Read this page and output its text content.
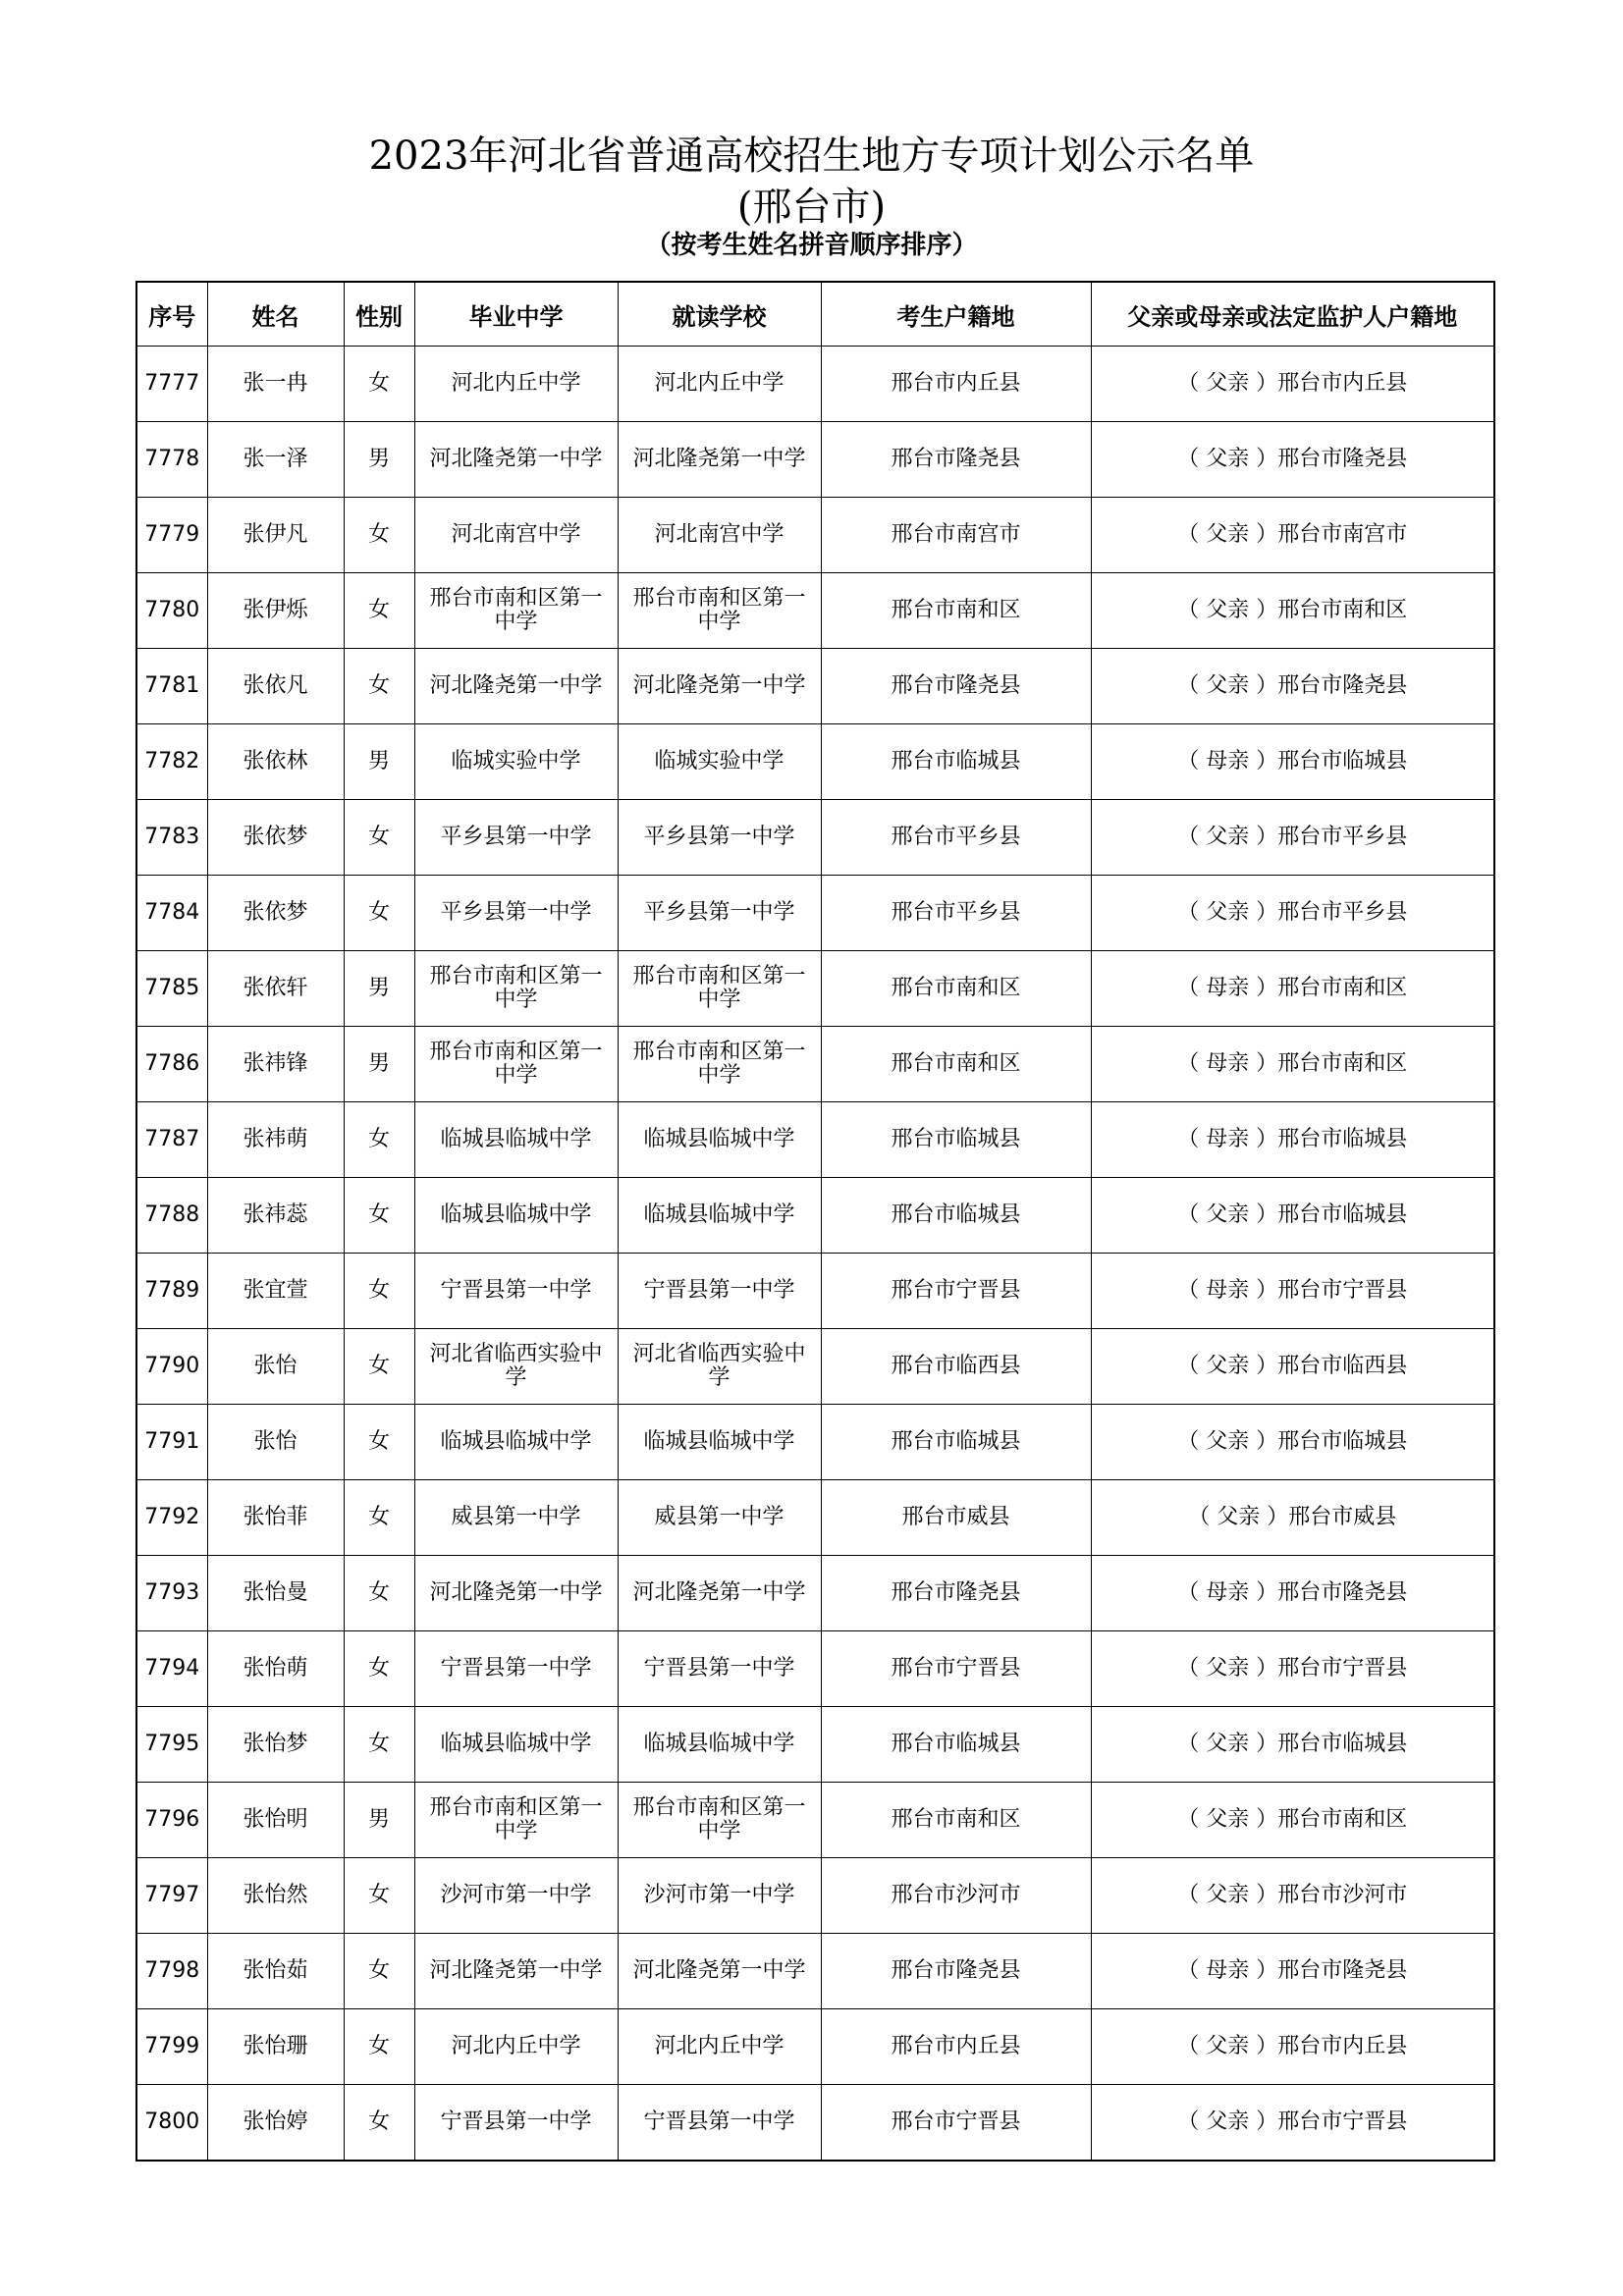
2023年河北省普通高校招生地方专项计划公示名单
(邢台市)
（按考生姓名拼音顺序排序）
序号	姓名	性别	毕业中学	就读学校	考生户籍地	父亲或母亲或法定监护人户籍地
7777	张一冉	女	河北内丘中学	河北内丘中学	邢台市内丘县	（ 父亲 ）邢台市内丘县
7778	张一泽	男	河北隆尧第一中学	河北隆尧第一中学	邢台市隆尧县	（ 父亲 ）邢台市隆尧县
7779	张伊凡	女	河北南宫中学	河北南宫中学	邢台市南宫市	（ 父亲 ）邢台市南宫市
7780	张伊烁	女	邢台市南和区第一中学	邢台市南和区第一中学	邢台市南和区	（ 父亲 ）邢台市南和区
7781	张依凡	女	河北隆尧第一中学	河北隆尧第一中学	邢台市隆尧县	（ 父亲 ）邢台市隆尧县
7782	张依林	男	临城实验中学	临城实验中学	邢台市临城县	（ 母亲 ）邢台市临城县
7783	张依梦	女	平乡县第一中学	平乡县第一中学	邢台市平乡县	（ 父亲 ）邢台市平乡县
7784	张依梦	女	平乡县第一中学	平乡县第一中学	邢台市平乡县	（ 父亲 ）邢台市平乡县
7785	张依轩	男	邢台市南和区第一中学	邢台市南和区第一中学	邢台市南和区	（ 母亲 ）邢台市南和区
7786	张祎锋	男	邢台市南和区第一中学	邢台市南和区第一中学	邢台市南和区	（ 母亲 ）邢台市南和区
7787	张祎萌	女	临城县临城中学	临城县临城中学	邢台市临城县	（ 母亲 ）邢台市临城县
7788	张祎蕊	女	临城县临城中学	临城县临城中学	邢台市临城县	（ 父亲 ）邢台市临城县
7789	张宜萱	女	宁晋县第一中学	宁晋县第一中学	邢台市宁晋县	（ 母亲 ）邢台市宁晋县
7790	张怡	女	河北省临西实验中学	河北省临西实验中学	邢台市临西县	（ 父亲 ）邢台市临西县
7791	张怡	女	临城县临城中学	临城县临城中学	邢台市临城县	（ 父亲 ）邢台市临城县
7792	张怡菲	女	威县第一中学	威县第一中学	邢台市威县	（ 父亲 ）邢台市威县
7793	张怡曼	女	河北隆尧第一中学	河北隆尧第一中学	邢台市隆尧县	（ 母亲 ）邢台市隆尧县
7794	张怡萌	女	宁晋县第一中学	宁晋县第一中学	邢台市宁晋县	（ 父亲 ）邢台市宁晋县
7795	张怡梦	女	临城县临城中学	临城县临城中学	邢台市临城县	（ 父亲 ）邢台市临城县
7796	张怡明	男	邢台市南和区第一中学	邢台市南和区第一中学	邢台市南和区	（ 父亲 ）邢台市南和区
7797	张怡然	女	沙河市第一中学	沙河市第一中学	邢台市沙河市	（ 父亲 ）邢台市沙河市
7798	张怡茹	女	河北隆尧第一中学	河北隆尧第一中学	邢台市隆尧县	（ 母亲 ）邢台市隆尧县
7799	张怡珊	女	河北内丘中学	河北内丘中学	邢台市内丘县	（ 父亲 ）邢台市内丘县
7800	张怡婷	女	宁晋县第一中学	宁晋县第一中学	邢台市宁晋县	（ 父亲 ）邢台市宁晋县
